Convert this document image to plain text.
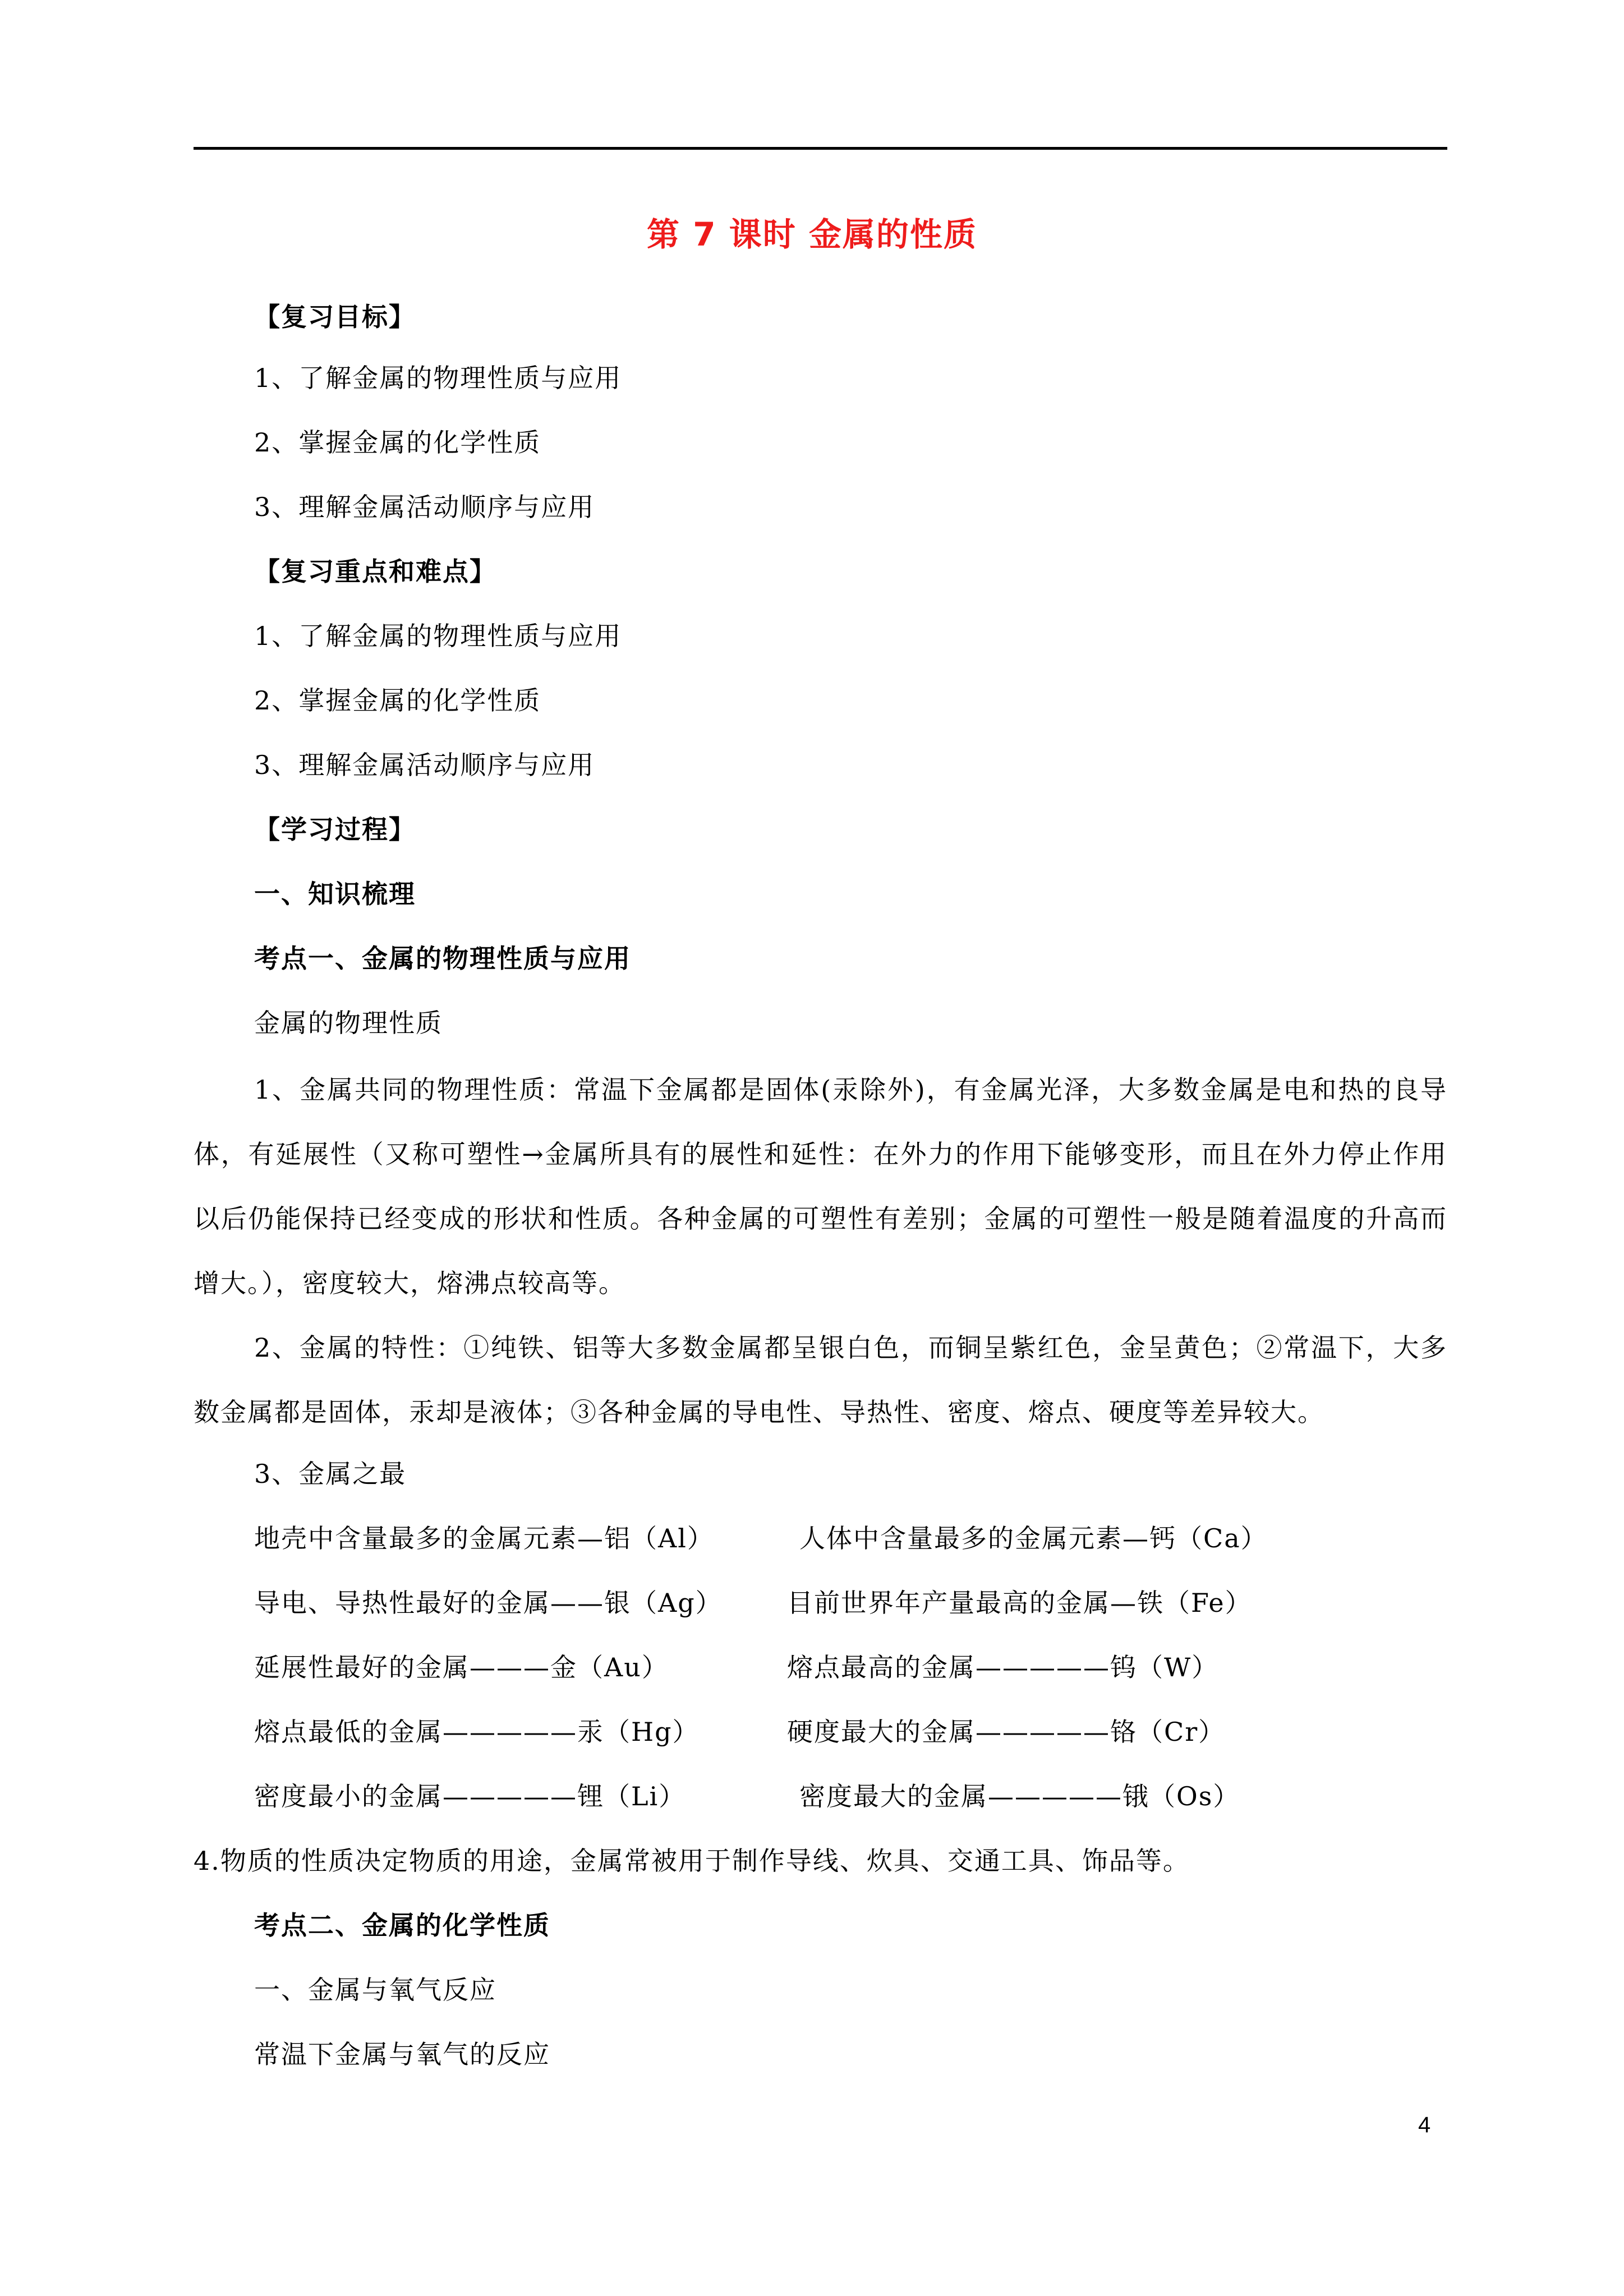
第 7 课时 金属的性质
【复习目标】
1、了解金属的物理性质与应用
2、掌握金属的化学性质
3、理解金属活动顺序与应用
【复习重点和难点】
1、了解金属的物理性质与应用
2、掌握金属的化学性质
3、理解金属活动顺序与应用
【学习过程】
一、知识梳理
考点一、金属的物理性质与应用
金属的物理性质
1、金属共同的物理性质：常温下金属都是固体(汞除外)，有金属光泽，大多数金属是电和热的良导体，有延展性（又称可塑性→金属所具有的展性和延性：在外力的作用下能够变形，而且在外力停止作用以后仍能保持已经变成的形状和性质。各种金属的可塑性有差别；金属的可塑性一般是随着温度的升高而增大。），密度较大，熔沸点较高等。
2、金属的特性：①纯铁、铝等大多数金属都呈银白色，而铜呈紫红色，金呈黄色；②常温下，大多数金属都是固体，汞却是液体；③各种金属的导电性、导热性、密度、熔点、硬度等差异较大。
3、金属之最
地壳中含量最多的金属元素—铝（Al）	人体中含量最多的金属元素—钙（Ca）
导电、导热性最好的金属——银（Ag）	目前世界年产量最高的金属—铁（Fe）
延展性最好的金属———金（Au）	熔点最高的金属—————钨（W）
熔点最低的金属—————汞（Hg）	硬度最大的金属—————铬（Cr）
密度最小的金属—————锂（Li）	密度最大的金属—————锇（Os）
4.物质的性质决定物质的用途，金属常被用于制作导线、炊具、交通工具、饰品等。
考点二、金属的化学性质
一、金属与氧气反应
常温下金属与氧气的反应
4
